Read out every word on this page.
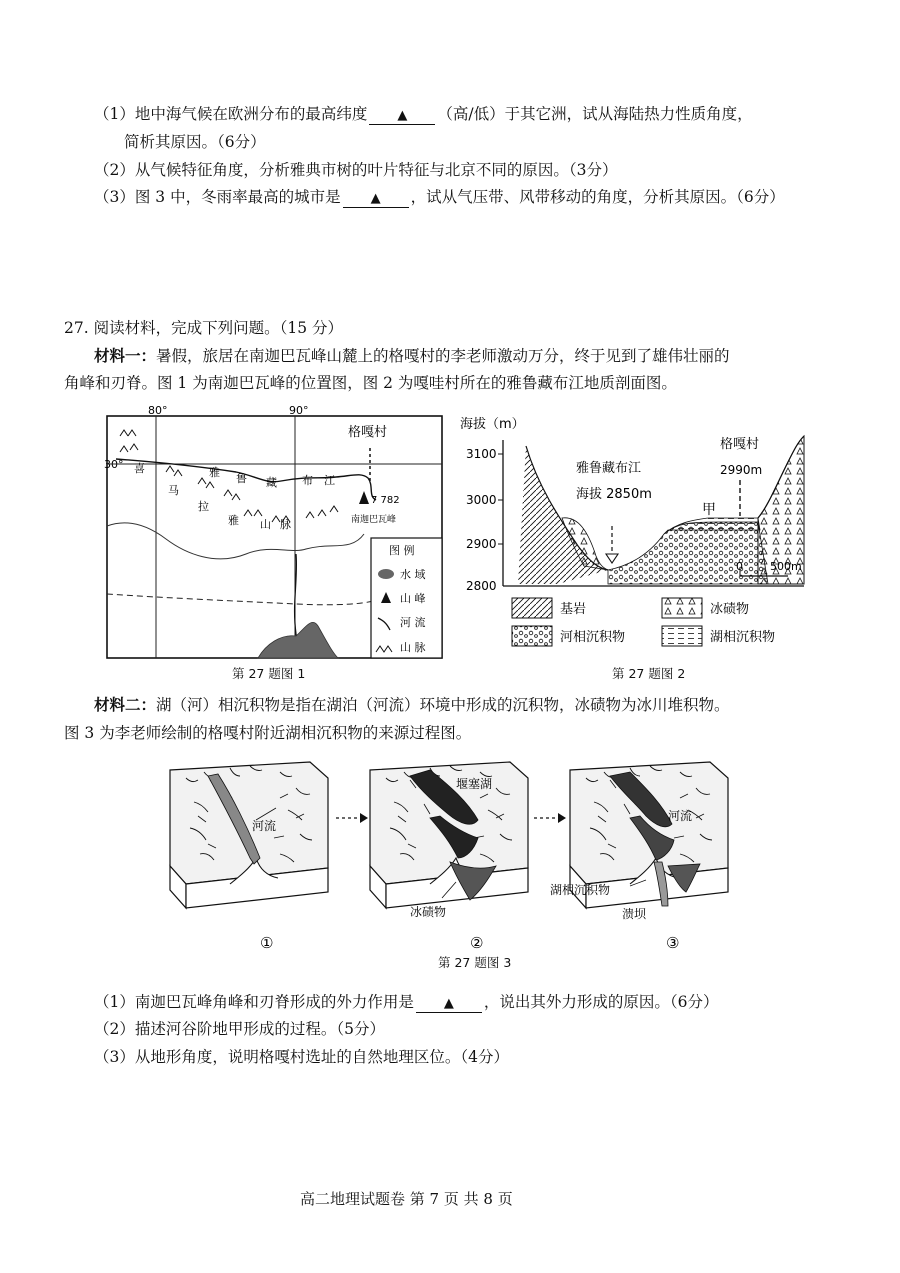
（1）地中海气候在欧洲分布的最高纬度 ▲ （高/低）于其它洲，试从海陆热力性质角度，
简析其原因。（6分）
（2）从气候特征角度，分析雅典市树的叶片特征与北京不同的原因。（3分）
（3）图 3 中，冬雨率最高的城市是 ▲ ，试从气压带、风带移动的角度，分析其原因。（6分）
27. 阅读材料，完成下列问题。（15 分）
材料一：暑假，旅居在南迦巴瓦峰山麓上的格嘎村的李老师激动万分，终于见到了雄伟壮丽的
角峰和刃脊。图 1 为南迦巴瓦峰的位置图，图 2 为嘎哇村所在的雅鲁藏布江地质剖面图。
80°	90°
30°
格嘎村
7 782
南迦巴瓦峰
喜
马
拉
雅 山 脉
雅 鲁 藏 布 江
图 例
水 域
山 峰
河 流
山 脉
第 27 题图 1
海拔（m）
3100
3000
2900
2800
雅鲁藏布江
海拔 2850m
格嘎村
2990m
甲
0 500m
基岩	冰碛物
河相沉积物	湖相沉积物
第 27 题图 2
材料二：湖（河）相沉积物是指在湖泊（河流）环境中形成的沉积物，冰碛物为冰川堆积物。
图 3 为李老师绘制的格嘎村附近湖相沉积物的来源过程图。
河流
堰塞湖
冰碛物
河流
湖相沉积物
溃坝
①	②	③
第 27 题图 3
（1）南迦巴瓦峰角峰和刃脊形成的外力作用是 ▲ ，说出其外力形成的原因。（6分）
（2）描述河谷阶地甲形成的过程。（5分）
（3）从地形角度，说明格嘎村选址的自然地理区位。（4分）
高二地理试题卷 第 7 页 共 8 页
